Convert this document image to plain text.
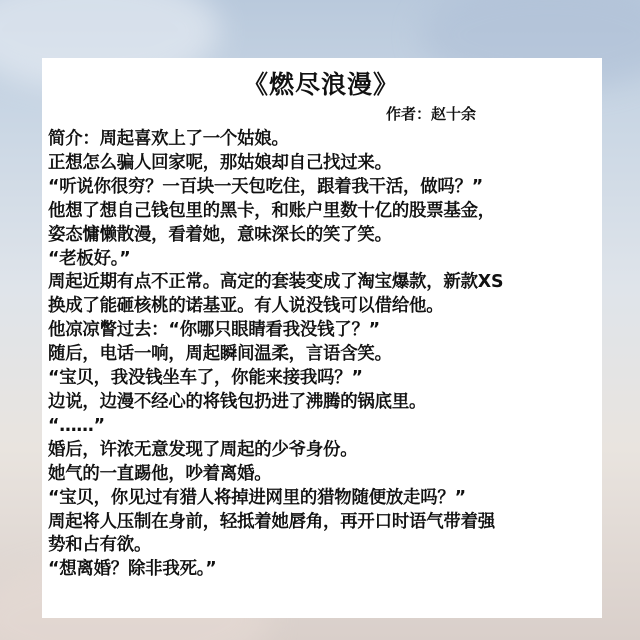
《燃尽浪漫》
作者：赵十余
简介：周起喜欢上了一个姑娘。
正想怎么骗人回家呢，那姑娘却自己找过来。
“听说你很穷？一百块一天包吃住，跟着我干活，做吗？”
他想了想自己钱包里的黑卡，和账户里数十亿的股票基金，
姿态慵懒散漫，看着她，意味深长的笑了笑。
“老板好。”
周起近期有点不正常。高定的套装变成了淘宝爆款，新款XS
换成了能砸核桃的诺基亚。有人说没钱可以借给他。
他凉凉瞥过去：“你哪只眼睛看我没钱了？”
随后，电话一响，周起瞬间温柔，言语含笑。
“宝贝，我没钱坐车了，你能来接我吗？”
边说，边漫不经心的将钱包扔进了沸腾的锅底里。
“……”
婚后，许浓无意发现了周起的少爷身份。
她气的一直踢他，吵着离婚。
“宝贝，你见过有猎人将掉进网里的猎物随便放走吗？”
周起将人压制在身前，轻抵着她唇角，再开口时语气带着强
势和占有欲。
“想离婚？除非我死。”
